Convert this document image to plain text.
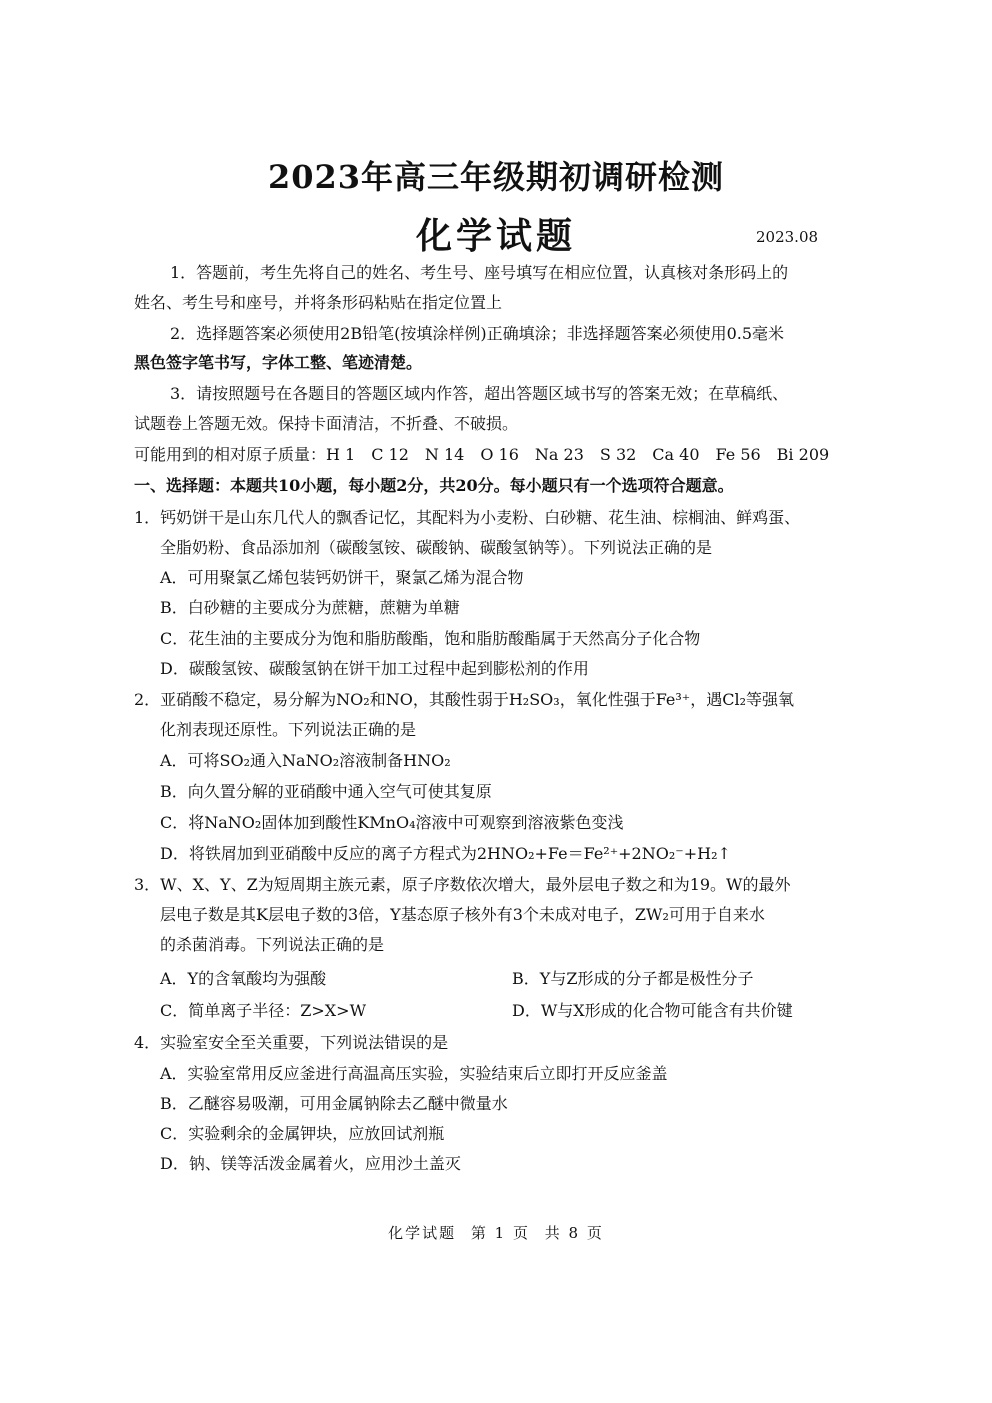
2023年高三年级期初调研检测
化学试题	2023.08
1．答题前，考生先将自己的姓名、考生号、座号填写在相应位置，认真核对条形码上的
姓名、考生号和座号，并将条形码粘贴在指定位置上
2．选择题答案必须使用2B铅笔(按填涂样例)正确填涂；非选择题答案必须使用0.5毫米
黑色签字笔书写，字体工整、笔迹清楚。
3．请按照题号在各题目的答题区域内作答，超出答题区域书写的答案无效；在草稿纸、
试题卷上答题无效。保持卡面清洁，不折叠、不破损。
可能用到的相对原子质量：H 1　C 12　N 14　O 16　Na 23　S 32　Ca 40　Fe 56　Bi 209
一、选择题：本题共10小题，每小题2分，共20分。每小题只有一个选项符合题意。
1．钙奶饼干是山东几代人的飘香记忆，其配料为小麦粉、白砂糖、花生油、棕榈油、鲜鸡蛋、
全脂奶粉、食品添加剂（碳酸氢铵、碳酸钠、碳酸氢钠等）。下列说法正确的是
A．可用聚氯乙烯包装钙奶饼干，聚氯乙烯为混合物
B．白砂糖的主要成分为蔗糖，蔗糖为单糖
C．花生油的主要成分为饱和脂肪酸酯，饱和脂肪酸酯属于天然高分子化合物
D．碳酸氢铵、碳酸氢钠在饼干加工过程中起到膨松剂的作用
2．亚硝酸不稳定，易分解为NO₂和NO，其酸性弱于H₂SO₃，氧化性强于Fe³⁺，遇Cl₂等强氧
化剂表现还原性。下列说法正确的是
A．可将SO₂通入NaNO₂溶液制备HNO₂
B．向久置分解的亚硝酸中通入空气可使其复原
C．将NaNO₂固体加到酸性KMnO₄溶液中可观察到溶液紫色变浅
D．将铁屑加到亚硝酸中反应的离子方程式为2HNO₂+Fe＝Fe²⁺+2NO₂⁻+H₂↑
3．W、X、Y、Z为短周期主族元素，原子序数依次增大，最外层电子数之和为19。W的最外
层电子数是其K层电子数的3倍，Y基态原子核外有3个未成对电子，ZW₂可用于自来水
的杀菌消毒。下列说法正确的是
A．Y的含氧酸均为强酸	B．Y与Z形成的分子都是极性分子
C．简单离子半径：Z>X>W	D．W与X形成的化合物可能含有共价键
4．实验室安全至关重要，下列说法错误的是
A．实验室常用反应釜进行高温高压实验，实验结束后立即打开反应釜盖
B．乙醚容易吸潮，可用金属钠除去乙醚中微量水
C．实验剩余的金属钾块，应放回试剂瓶
D．钠、镁等活泼金属着火，应用沙土盖灭
化学试题 第 1 页 共 8 页
